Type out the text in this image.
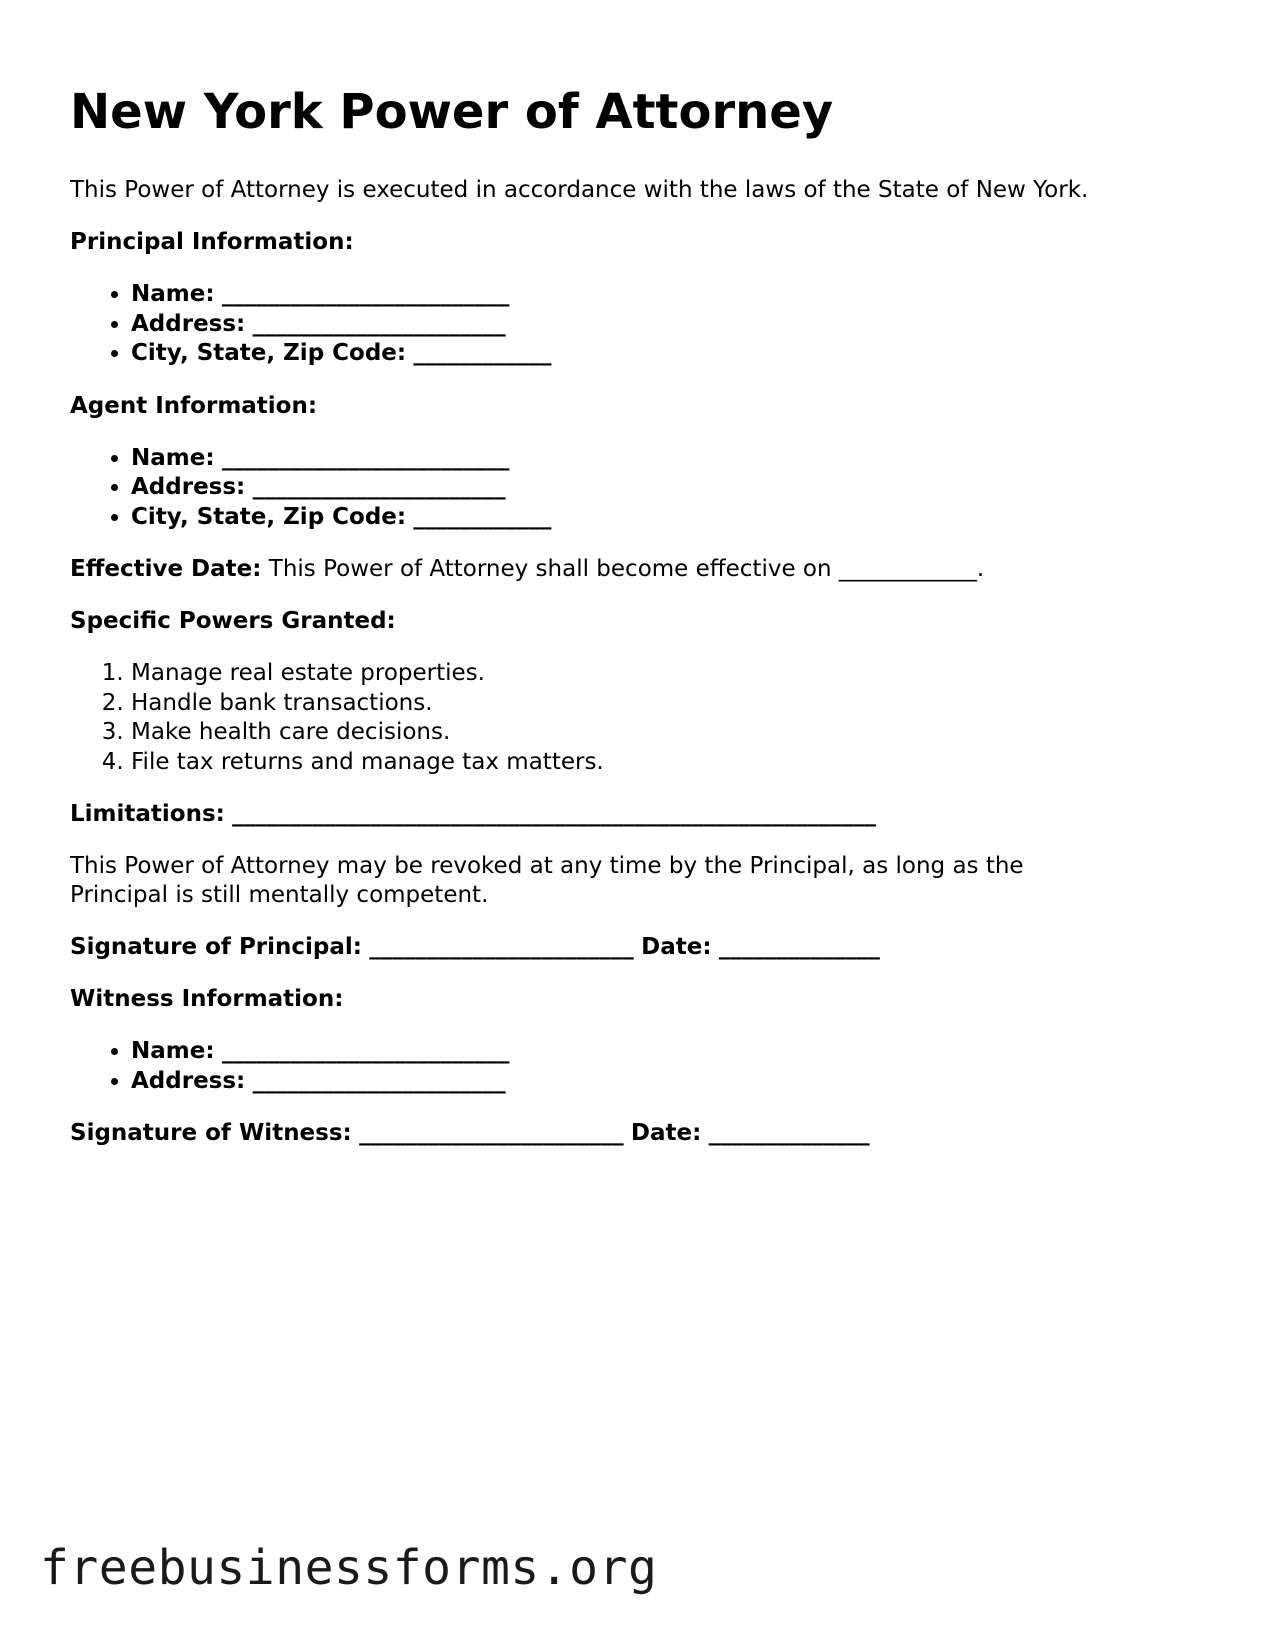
New York Power of Attorney

This Power of Attorney is executed in accordance with the laws of the State of New York.

Principal Information:

• Name: _________________________
• Address: ______________________
• City, State, Zip Code: ____________

Agent Information:

• Name: _________________________
• Address: ______________________
• City, State, Zip Code: ____________

Effective Date: This Power of Attorney shall become effective on ____________.

Specific Powers Granted:

1. Manage real estate properties.
2. Handle bank transactions.
3. Make health care decisions.
4. File tax returns and manage tax matters.

Limitations: ________________________________________________________

This Power of Attorney may be revoked at any time by the Principal, as long as the Principal is still mentally competent.

Signature of Principal: _______________________ Date: ______________

Witness Information:

• Name: _________________________
• Address: ______________________

Signature of Witness: _______________________ Date: ______________

freebusinessforms.org
